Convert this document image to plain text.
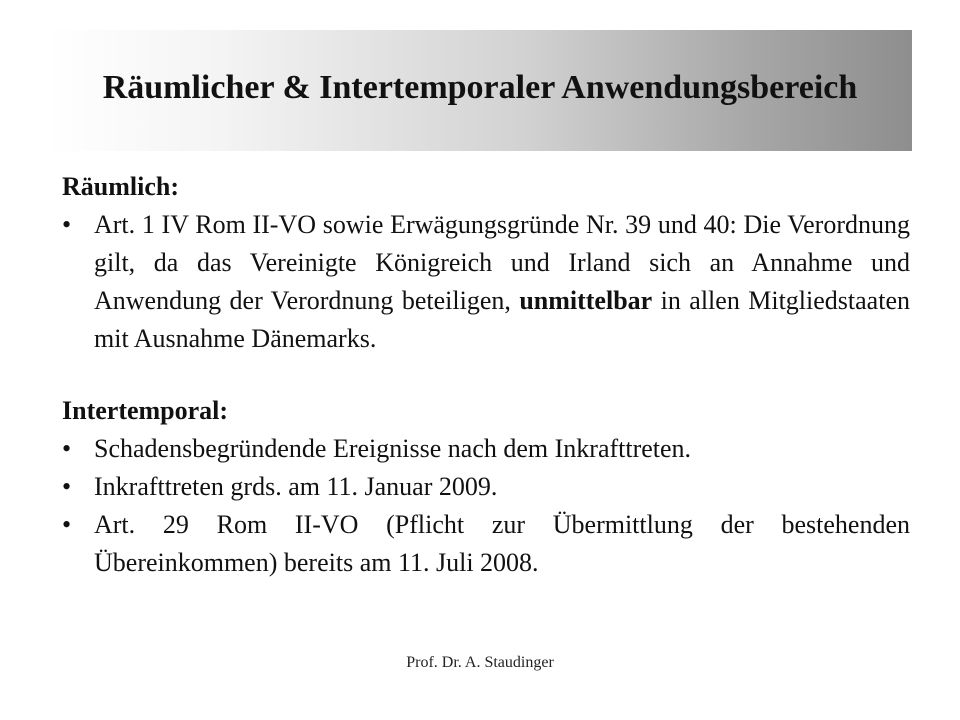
Räumlicher & Intertemporaler Anwendungsbereich
Räumlich:
• Art. 1 IV Rom II-VO sowie Erwägungsgründe Nr. 39 und 40: Die Verordnung gilt, da das Vereinigte Königreich und Irland sich an Annahme und Anwendung der Verordnung beteiligen, unmittelbar in allen Mitgliedstaaten mit Ausnahme Dänemarks.
Intertemporal:
• Schadensbegründende Ereignisse nach dem Inkrafttreten.
• Inkrafttreten grds. am 11. Januar 2009.
• Art. 29 Rom II-VO (Pflicht zur Übermittlung der bestehenden Übereinkommen) bereits am 11. Juli 2008.
Prof. Dr. A. Staudinger
